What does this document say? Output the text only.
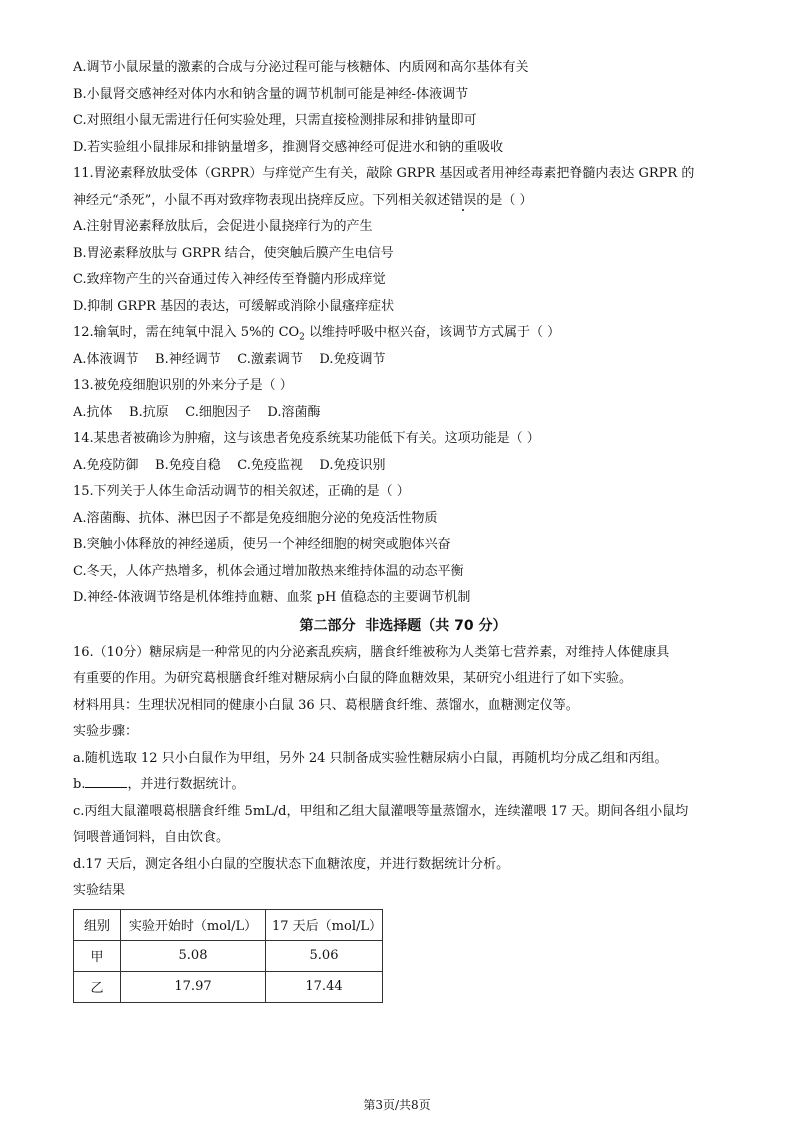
A.调节小鼠尿量的激素的合成与分泌过程可能与核糖体、内质网和高尔基体有关
B.小鼠肾交感神经对体内水和钠含量的调节机制可能是神经-体液调节
C.对照组小鼠无需进行任何实验处理，只需直接检测排尿和排钠量即可
D.若实验组小鼠排尿和排钠量增多，推测肾交感神经可促进水和钠的重吸收
11.胃泌素释放肽受体（GRPR）与痒觉产生有关，敲除 GRPR 基因或者用神经毒素把脊髓内表达 GRPR 的
神经元“杀死”，小鼠不再对致痒物表现出挠痒反应。下列相关叙述错误的是（ ）
A.注射胃泌素释放肽后，会促进小鼠挠痒行为的产生
B.胃泌素释放肽与 GRPR 结合，使突触后膜产生电信号
C.致痒物产生的兴奋通过传入神经传至脊髓内形成痒觉
D.抑制 GRPR 基因的表达，可缓解或消除小鼠瘙痒症状
12.输氧时，需在纯氧中混入 5%的 $CO_2$ 以维持呼吸中枢兴奋，该调节方式属于（ ）
A.体液调节    B.神经调节    C.激素调节    D.免疫调节
13.被免疫细胞识别的外来分子是（ ）
A.抗体    B.抗原    C.细胞因子    D.溶菌酶
14.某患者被确诊为肿瘤，这与该患者免疫系统某功能低下有关。这项功能是（ ）
A.免疫防御    B.免疫自稳    C.免疫监视    D.免疫识别
15.下列关于人体生命活动调节的相关叙述，正确的是（ ）
A.溶菌酶、抗体、淋巴因子不都是免疫细胞分泌的免疫活性物质
B.突触小体释放的神经递质，使另一个神经细胞的树突或胞体兴奋
C.冬天，人体产热增多，机体会通过增加散热来维持体温的动态平衡
D.神经-体液调节络是机体维持血糖、血浆 pH 值稳态的主要调节机制
第二部分  非选择题（共 70 分）
16.（10分）糖尿病是一种常见的内分泌紊乱疾病，膳食纤维被称为人类第七营养素，对维持人体健康具
有重要的作用。为研究葛根膳食纤维对糖尿病小白鼠的降血糖效果，某研究小组进行了如下实验。
材料用具：生理状况相同的健康小白鼠 36 只、葛根膳食纤维、蒸馏水，血糖测定仪等。
实验步骤：
a.随机选取 12 只小白鼠作为甲组，另外 24 只制备成实验性糖尿病小白鼠，再随机均分成乙组和丙组。
b.	，并进行数据统计。
c.丙组大鼠灌喂葛根膳食纤维 5mL/d，甲组和乙组大鼠灌喂等量蒸馏水，连续灌喂 17 天。期间各组小鼠均
饲喂普通饲料，自由饮食。
d.17 天后，测定各组小白鼠的空腹状态下血糖浓度，并进行数据统计分析。
实验结果
组别	实验开始时（mol/L）	17 天后（mol/L）
甲	5.08	5.06
乙	17.97	17.44
第3页/共8页
